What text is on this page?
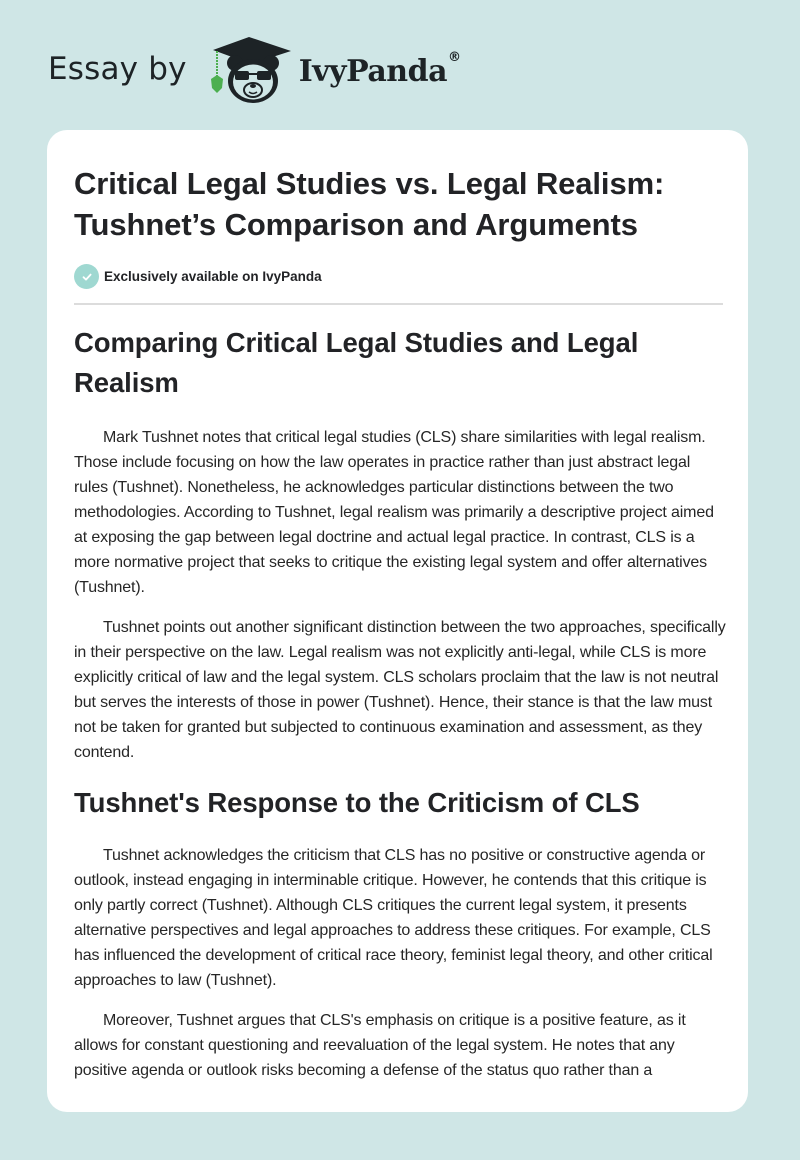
Essay by	IvyPanda®
Critical Legal Studies vs. Legal Realism: Tushnet’s Comparison and Arguments
Exclusively available on IvyPanda
Comparing Critical Legal Studies and Legal Realism

Mark Tushnet notes that critical legal studies (CLS) share similarities with legal realism. Those include focusing on how the law operates in practice rather than just abstract legal rules (Tushnet). Nonetheless, he acknowledges particular distinctions between the two methodologies. According to Tushnet, legal realism was primarily a descriptive project aimed at exposing the gap between legal doctrine and actual legal practice. In contrast, CLS is a more normative project that seeks to critique the existing legal system and offer alternatives (Tushnet).

Tushnet points out another significant distinction between the two approaches, specifically in their perspective on the law. Legal realism was not explicitly anti-legal, while CLS is more explicitly critical of law and the legal system. CLS scholars proclaim that the law is not neutral but serves the interests of those in power (Tushnet). Hence, their stance is that the law must not be taken for granted but subjected to continuous examination and assessment, as they contend.

Tushnet's Response to the Criticism of CLS

Tushnet acknowledges the criticism that CLS has no positive or constructive agenda or outlook, instead engaging in interminable critique. However, he contends that this critique is only partly correct (Tushnet). Although CLS critiques the current legal system, it presents alternative perspectives and legal approaches to address these critiques. For example, CLS has influenced the development of critical race theory, feminist legal theory, and other critical approaches to law (Tushnet).

Moreover, Tushnet argues that CLS's emphasis on critique is a positive feature, as it allows for constant questioning and reevaluation of the legal system. He notes that any positive agenda or outlook risks becoming a defense of the status quo rather than a
